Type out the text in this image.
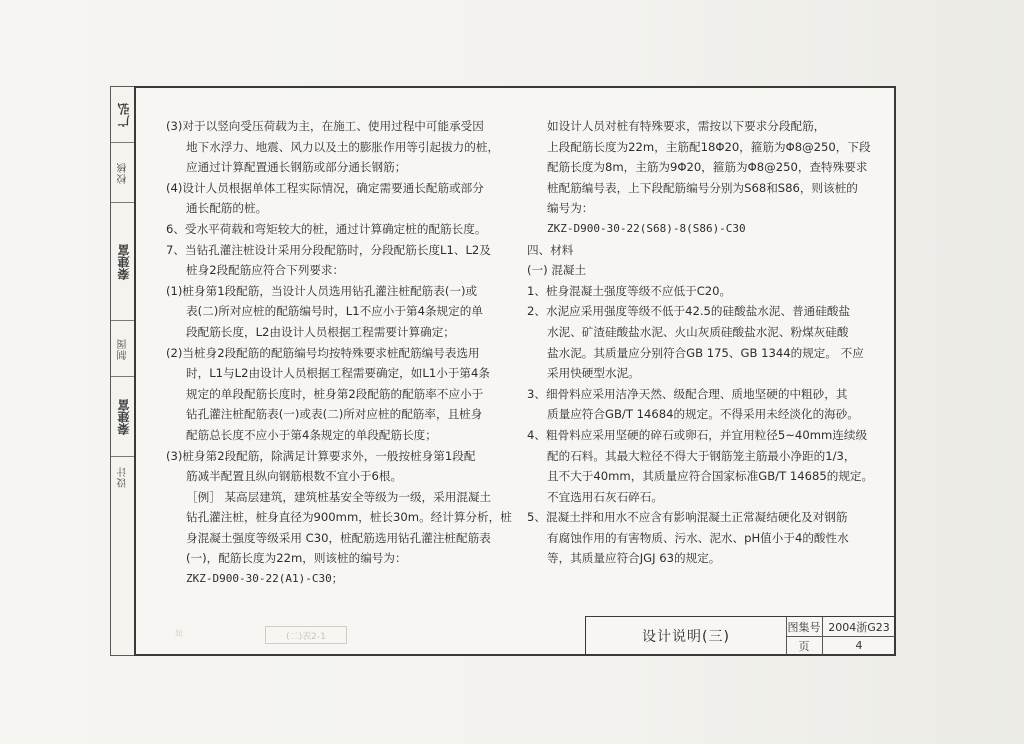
广弘
校核
秦建富
制图
秦建富
设计

(3)对于以竖向受压荷载为主，在施工、使用过程中可能承受因

地下水浮力、地震、风力以及土的膨胀作用等引起拔力的桩，

应通过计算配置通长钢筋或部分通长钢筋；

(4)设计人员根据单体工程实际情况，确定需要通长配筋或部分

通长配筋的桩。

6、受水平荷载和弯矩较大的桩，通过计算确定桩的配筋长度。

7、当钻孔灌注桩设计采用分段配筋时，分段配筋长度L1、L2及

桩身2段配筋应符合下列要求：

(1)桩身第1段配筋，当设计人员选用钻孔灌注桩配筋表(一)或

表(二)所对应桩的配筋编号时，L1不应小于第4条规定的单

段配筋长度，L2由设计人员根据工程需要计算确定；

(2)当桩身2段配筋的配筋编号均按特殊要求桩配筋编号表选用

时，L1与L2由设计人员根据工程需要确定，如L1小于第4条

规定的单段配筋长度时，桩身第2段配筋的配筋率不应小于

钻孔灌注桩配筋表(一)或表(二)所对应桩的配筋率，且桩身

配筋总长度不应小于第4条规定的单段配筋长度；

(3)桩身第2段配筋，除满足计算要求外，一般按桩身第1段配

筋减半配置且纵向钢筋根数不宜小于6根。

［例］ 某高层建筑，建筑桩基安全等级为一级，采用混凝土

钻孔灌注桩，桩身直径为900mm，桩长30m。经计算分析，桩

身混凝土强度等级采用 C30，桩配筋选用钻孔灌注桩配筋表

(一)，配筋长度为22m，则该桩的编号为：

ZKZ-D900-30-22(A1)-C30；

如设计人员对桩有特殊要求，需按以下要求分段配筋，

上段配筋长度为22m，主筋配18Φ20，箍筋为Φ8@250，下段

配筋长度为8m，主筋为9Φ20，箍筋为Φ8@250，查特殊要求

桩配筋编号表，上下段配筋编号分别为S68和S86，则该桩的

编号为：

ZKZ-D900-30-22(S68)-8(S86)-C30

四、材料

(一) 混凝土

1、桩身混凝土强度等级不应低于C20。

2、水泥应采用强度等级不低于42.5的硅酸盐水泥、普通硅酸盐

水泥、矿渣硅酸盐水泥、火山灰质硅酸盐水泥、粉煤灰硅酸

盐水泥。其质量应分别符合GB 175、GB 1344的规定。 不应

采用快硬型水泥。

3、细骨料应采用洁净天然、级配合理、质地坚硬的中粗砂，其

质量应符合GB/T 14684的规定。不得采用未经淡化的海砂。

4、粗骨料应采用坚硬的碎石或卵石，并宜用粒径5~40mm连续级

配的石料。其最大粒径不得大于钢筋笼主筋最小净距的1/3，

且不大于40mm，其质量应符合国家标准GB/T 14685的规定。

不宜选用石灰石碎石。

5、混凝土拌和用水不应含有影响混凝土正常凝结硬化及对钢筋

有腐蚀作用的有害物质、污水、泥水、pH值小于4的酸性水

等，其质量应符合JGJ 63的规定。

(二)表2-1
如	设计说明(三)
图集号 2004浙G23
页	4
